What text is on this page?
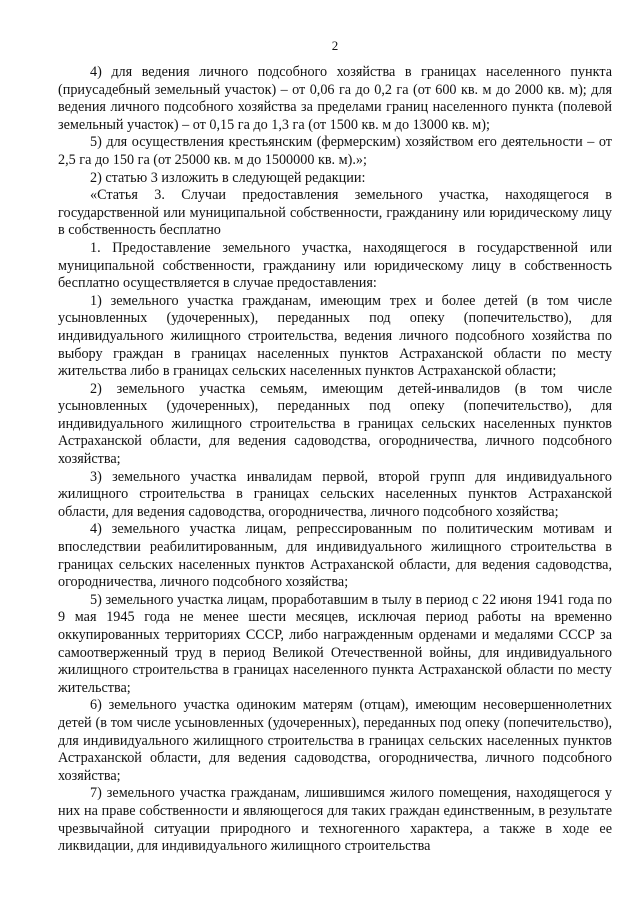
2

4) для ведения личного подсобного хозяйства в границах населенного пункта (приусадебный земельный участок) – от 0,06 га до 0,2 га (от 600 кв. м до 2000 кв. м); для ведения личного подсобного хозяйства за пределами границ населенного пункта (полевой земельный участок) – от 0,15 га до 1,3 га (от 1500 кв. м до 13000 кв. м);

5) для осуществления крестьянским (фермерским) хозяйством его деятельности – от 2,5 га до 150 га (от 25000 кв. м до 1500000 кв. м).»;

2) статью 3 изложить в следующей редакции:

«Статья 3. Случаи предоставления земельного участка, находящегося в государственной или муниципальной собственности, гражданину или юридическому лицу в собственность бесплатно

1. Предоставление земельного участка, находящегося в государственной или муниципальной собственности, гражданину или юридическому лицу в собственность бесплатно осуществляется в случае предоставления:

1) земельного участка гражданам, имеющим трех и более детей (в том числе усыновленных (удочеренных), переданных под опеку (попечительство), для индивидуального жилищного строительства, ведения личного подсобного хозяйства по выбору граждан в границах населенных пунктов Астраханской области по месту жительства либо в границах сельских населенных пунктов Астраханской области;

2) земельного участка семьям, имеющим детей-инвалидов (в том числе усыновленных (удочеренных), переданных под опеку (попечительство), для индивидуального жилищного строительства в границах сельских населенных пунктов Астраханской области, для ведения садоводства, огородничества, личного подсобного хозяйства;

3) земельного участка инвалидам первой, второй групп для индивидуального жилищного строительства в границах сельских населенных пунктов Астраханской области, для ведения садоводства, огородничества, личного подсобного хозяйства;

4) земельного участка лицам, репрессированным по политическим мотивам и впоследствии реабилитированным, для индивидуального жилищного строительства в границах сельских населенных пунктов Астраханской области, для ведения садоводства, огородничества, личного подсобного хозяйства;

5) земельного участка лицам, проработавшим в тылу в период с 22 июня 1941 года по 9 мая 1945 года не менее шести месяцев, исключая период работы на временно оккупированных территориях СССР, либо награжденным орденами и медалями СССР за самоотверженный труд в период Великой Отечественной войны, для индивидуального жилищного строительства в границах населенного пункта Астраханской области по месту жительства;

6) земельного участка одиноким матерям (отцам), имеющим несовершеннолетних детей (в том числе усыновленных (удочеренных), переданных под опеку (попечительство), для индивидуального жилищного строительства в границах сельских населенных пунктов Астраханской области, для ведения садоводства, огородничества, личного подсобного хозяйства;

7) земельного участка гражданам, лишившимся жилого помещения, находящегося у них на праве собственности и являющегося для таких граждан единственным, в результате чрезвычайной ситуации природного и техногенного характера, а также в ходе ее ликвидации, для индивидуального жилищного строительства
